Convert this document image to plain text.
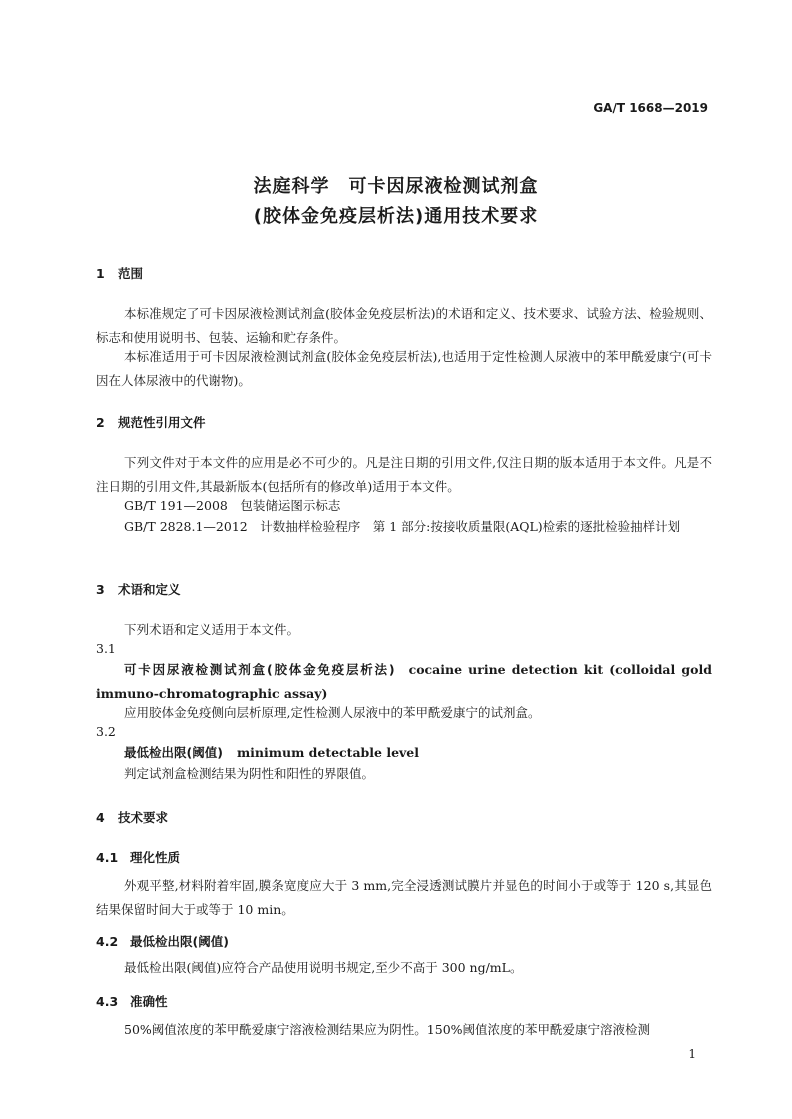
GA/T 1668—2019
法庭科学　可卡因尿液检测试剂盒
(胶体金免疫层析法)通用技术要求
1 范围
本标准规定了可卡因尿液检测试剂盒(胶体金免疫层析法)的术语和定义、技术要求、试验方法、检验规则、标志和使用说明书、包装、运输和贮存条件。
本标准适用于可卡因尿液检测试剂盒(胶体金免疫层析法),也适用于定性检测人尿液中的苯甲酰爱康宁(可卡因在人体尿液中的代谢物)。
2 规范性引用文件
下列文件对于本文件的应用是必不可少的。凡是注日期的引用文件,仅注日期的版本适用于本文件。凡是不注日期的引用文件,其最新版本(包括所有的修改单)适用于本文件。
GB/T 191—2008　包装储运图示标志
GB/T 2828.1—2012　计数抽样检验程序　第 1 部分:按接收质量限(AQL)检索的逐批检验抽样计划
3 术语和定义
下列术语和定义适用于本文件。
3.1
可卡因尿液检测试剂盒(胶体金免疫层析法) cocaine urine detection kit (colloidal gold immuno-chromatographic assay)
应用胶体金免疫侧向层析原理,定性检测人尿液中的苯甲酰爱康宁的试剂盒。
3.2
最低检出限(阈值) minimum detectable level
判定试剂盒检测结果为阴性和阳性的界限值。
4 技术要求
4.1 理化性质
外观平整,材料附着牢固,膜条宽度应大于 3 mm,完全浸透测试膜片并显色的时间小于或等于 120 s,其显色结果保留时间大于或等于 10 min。
4.2 最低检出限(阈值)
最低检出限(阈值)应符合产品使用说明书规定,至少不高于 300 ng/mL。
4.3 准确性
50%阈值浓度的苯甲酰爱康宁溶液检测结果应为阴性。150%阈值浓度的苯甲酰爱康宁溶液检测
1
